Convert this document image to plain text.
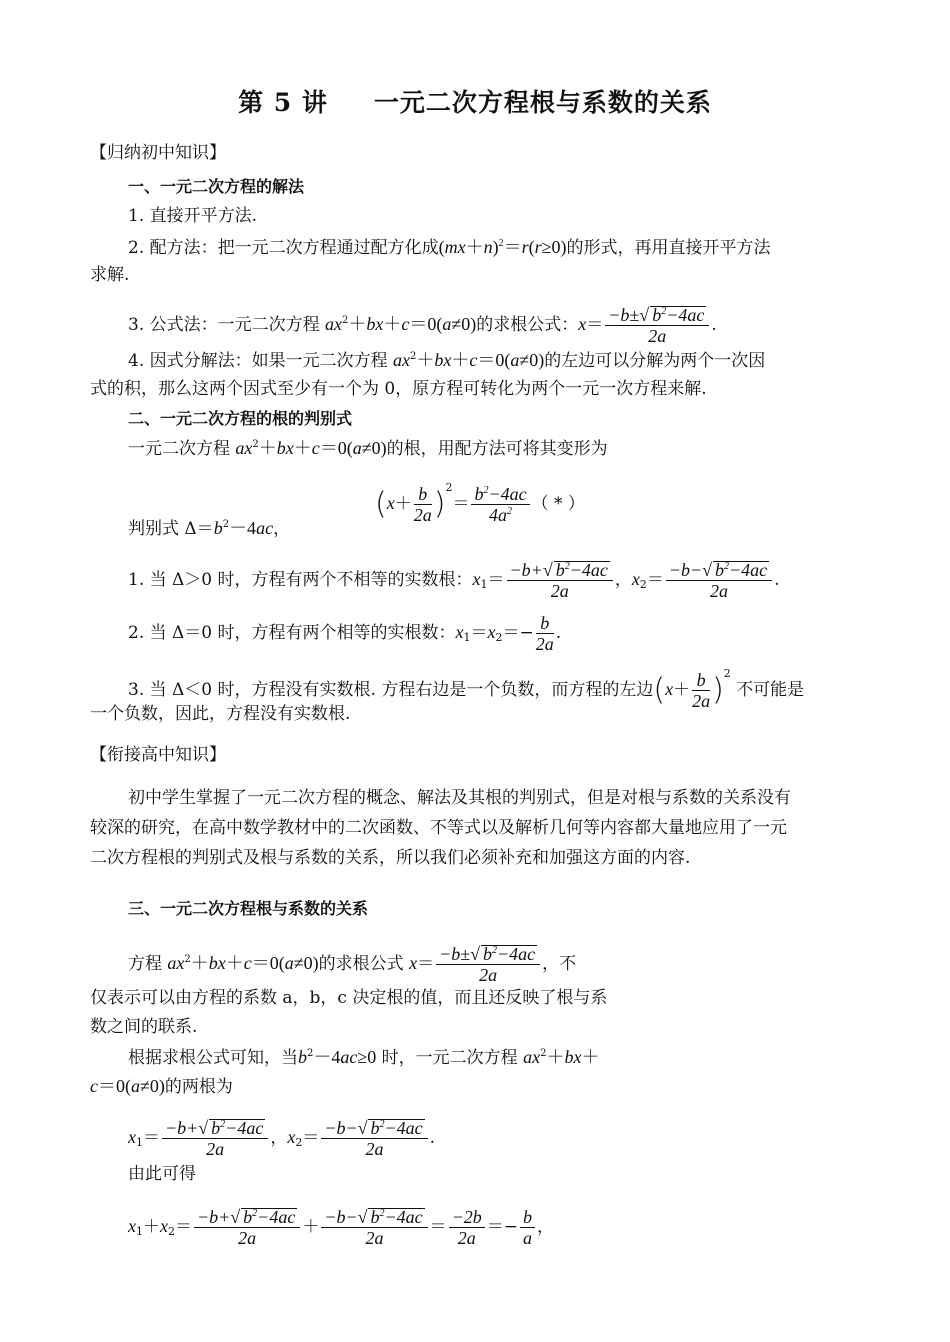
第 5 讲 一元二次方程根与系数的关系
【归纳初中知识】
一、一元二次方程的解法
1. 直接开平方法.
2. 配方法：把一元二次方程通过配方化成$(mx+n)^2=r(r\ge 0)$的形式，再用直接开平方法
求解.
3. 公式法：一元二次方程 $ax^2+bx+c=0(a\ne 0)$的求根公式：$x= \frac{-b\pm√ b^2-4ac}{2a}$ .
4. 因式分解法：如果一元二次方程 $ax^2+bx+c=0(a\ne 0)$的左边可以分解为两个一次因
式的积，那么这两个因式至少有一个为 0，原方程可转化为两个一元一次方程来解.
二、一元二次方程的根的判别式
一元二次方程 $ax^2+bx+c=0(a\ne 0)$的根，用配方法可将其变形为
$(x+ \frac{b}{2a} )^2= \frac{b^2-4ac}{4a^2}$ （ * ）
判别式 $\Delta=b^2-4ac$，
1. 当 Δ＞0 时，方程有两个不相等的实数根：$x_1= \frac{-b+√ b^2-4ac}{2a}$ ，$x_2= \frac{-b-√ b^2-4ac}{2a}$ .
2. 当 Δ＝0 时，方程有两个相等的实根数：$x_1=x_2=- \frac{b}{2a}$ .
3. 当 Δ＜0 时，方程没有实数根. 方程右边是一个负数，而方程的左边$(x+ \frac{b}{2a} )^2$ 不可能是
一个负数，因此，方程没有实数根.
【衔接高中知识】
初中学生掌握了一元二次方程的概念、解法及其根的判别式，但是对根与系数的关系没有
较深的研究，在高中数学教材中的二次函数、不等式以及解析几何等内容都大量地应用了一元
二次方程根的判别式及根与系数的关系，所以我们必须补充和加强这方面的内容.
三、一元二次方程根与系数的关系
方程 $ax^2+bx+c=0(a\ne 0)$的求根公式 $x= \frac{-b\pm√ b^2-4ac}{2a}$ ，不
仅表示可以由方程的系数 a，b，c 决定根的值，而且还反映了根与系
数之间的联系.
根据求根公式可知，当$b^2-4ac\ge 0$ 时，一元二次方程 $ax^2+bx+$
c＝0(a≠0)的两根为
$x_1= \frac{-b+√ b^2-4ac}{2a}$ ，$x_2= \frac{-b-√ b^2-4ac}{2a}$ .
由此可得
$x_1+x_2= \frac{-b+√ b^2-4ac}{2a} + \frac{-b-√ b^2-4ac}{2a} = \frac{-2b}{2a} =- \frac{b}{a}$ ，
